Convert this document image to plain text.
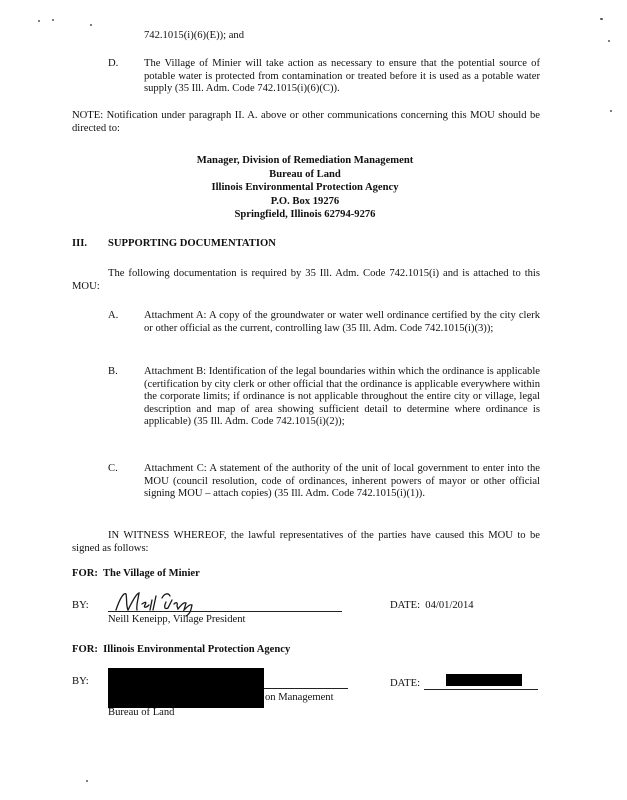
742.1015(i)(6)(E)); and
D. The Village of Minier will take action as necessary to ensure that the potential source of potable water is protected from contamination or treated before it is used as a potable water supply (35 Ill. Adm. Code 742.1015(i)(6)(C)).
NOTE: Notification under paragraph II. A. above or other communications concerning this MOU should be directed to:
Manager, Division of Remediation Management
Bureau of Land
Illinois Environmental Protection Agency
P.O. Box 19276
Springfield, Illinois 62794-9276
III. SUPPORTING DOCUMENTATION
The following documentation is required by 35 Ill. Adm. Code 742.1015(i) and is attached to this MOU:
A. Attachment A: A copy of the groundwater or water well ordinance certified by the city clerk or other official as the current, controlling law (35 Ill. Adm. Code 742.1015(i)(3));
B. Attachment B: Identification of the legal boundaries within which the ordinance is applicable (certification by city clerk or other official that the ordinance is applicable everywhere within the corporate limits; if ordinance is not applicable throughout the entire city or village, legal description and map of area showing sufficient detail to determine where ordinance is applicable) (35 Ill. Adm. Code 742.1015(i)(2));
C. Attachment C: A statement of the authority of the unit of local government to enter into the MOU (council resolution, code of ordinances, inherent powers of mayor or other official signing MOU – attach copies) (35 Ill. Adm. Code 742.1015(i)(1)).
IN WITNESS WHEREOF, the lawful representatives of the parties have caused this MOU to be signed as follows:
FOR:  The Village of Minier
BY:
Neill Keneipp, Village President
DATE:  04/01/2014
FOR:  Illinois Environmental Protection Agency
BY:
on Management
Bureau of Land
DATE:
